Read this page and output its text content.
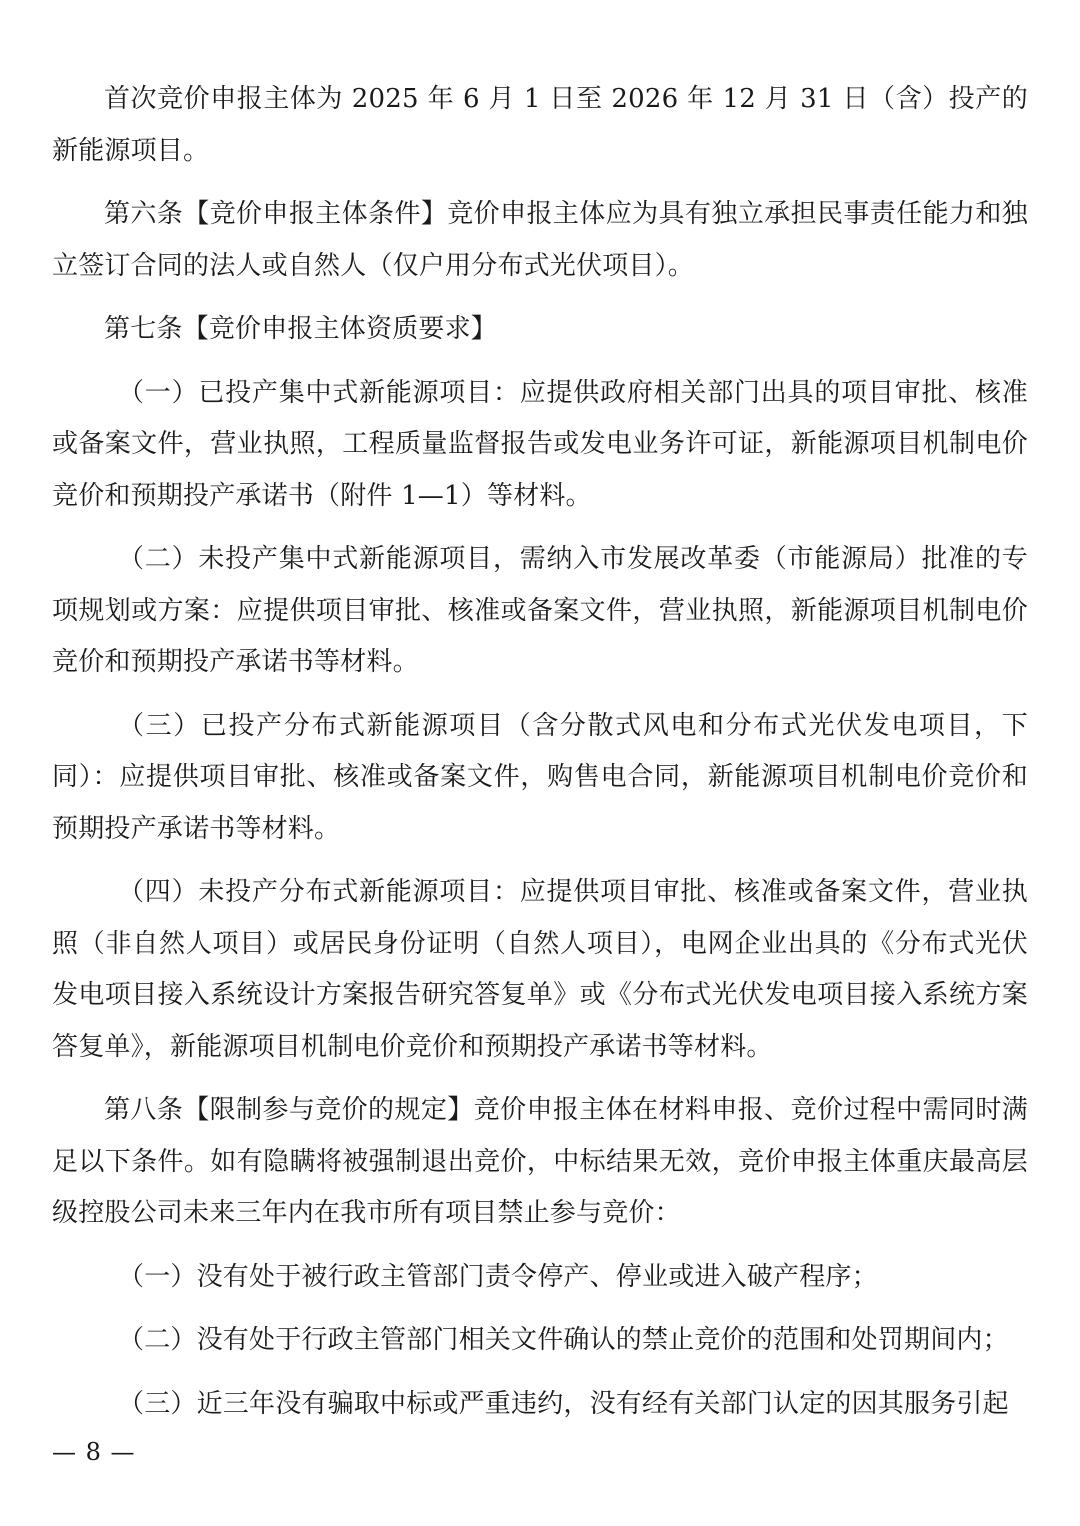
首次竞价申报主体为 2025 年 6 月 1 日至 2026 年 12 月 31 日（含）投产的新能源项目。

第六条【竞价申报主体条件】竞价申报主体应为具有独立承担民事责任能力和独立签订合同的法人或自然人（仅户用分布式光伏项目）。

第七条【竞价申报主体资质要求】

（一）已投产集中式新能源项目：应提供政府相关部门出具的项目审批、核准或备案文件，营业执照，工程质量监督报告或发电业务许可证，新能源项目机制电价竞价和预期投产承诺书（附件 1—1）等材料。

（二）未投产集中式新能源项目，需纳入市发展改革委（市能源局）批准的专项规划或方案：应提供项目审批、核准或备案文件，营业执照，新能源项目机制电价竞价和预期投产承诺书等材料。

（三）已投产分布式新能源项目（含分散式风电和分布式光伏发电项目，下同）：应提供项目审批、核准或备案文件，购售电合同，新能源项目机制电价竞价和预期投产承诺书等材料。

（四）未投产分布式新能源项目：应提供项目审批、核准或备案文件，营业执照（非自然人项目）或居民身份证明（自然人项目），电网企业出具的《分布式光伏发电项目接入系统设计方案报告研究答复单》或《分布式光伏发电项目接入系统方案答复单》，新能源项目机制电价竞价和预期投产承诺书等材料。

第八条【限制参与竞价的规定】竞价申报主体在材料申报、竞价过程中需同时满足以下条件。如有隐瞒将被强制退出竞价，中标结果无效，竞价申报主体重庆最高层级控股公司未来三年内在我市所有项目禁止参与竞价：

（一）没有处于被行政主管部门责令停产、停业或进入破产程序；

（二）没有处于行政主管部门相关文件确认的禁止竞价的范围和处罚期间内；

（三）近三年没有骗取中标或严重违约，没有经有关部门认定的因其服务引起

— 8 —
